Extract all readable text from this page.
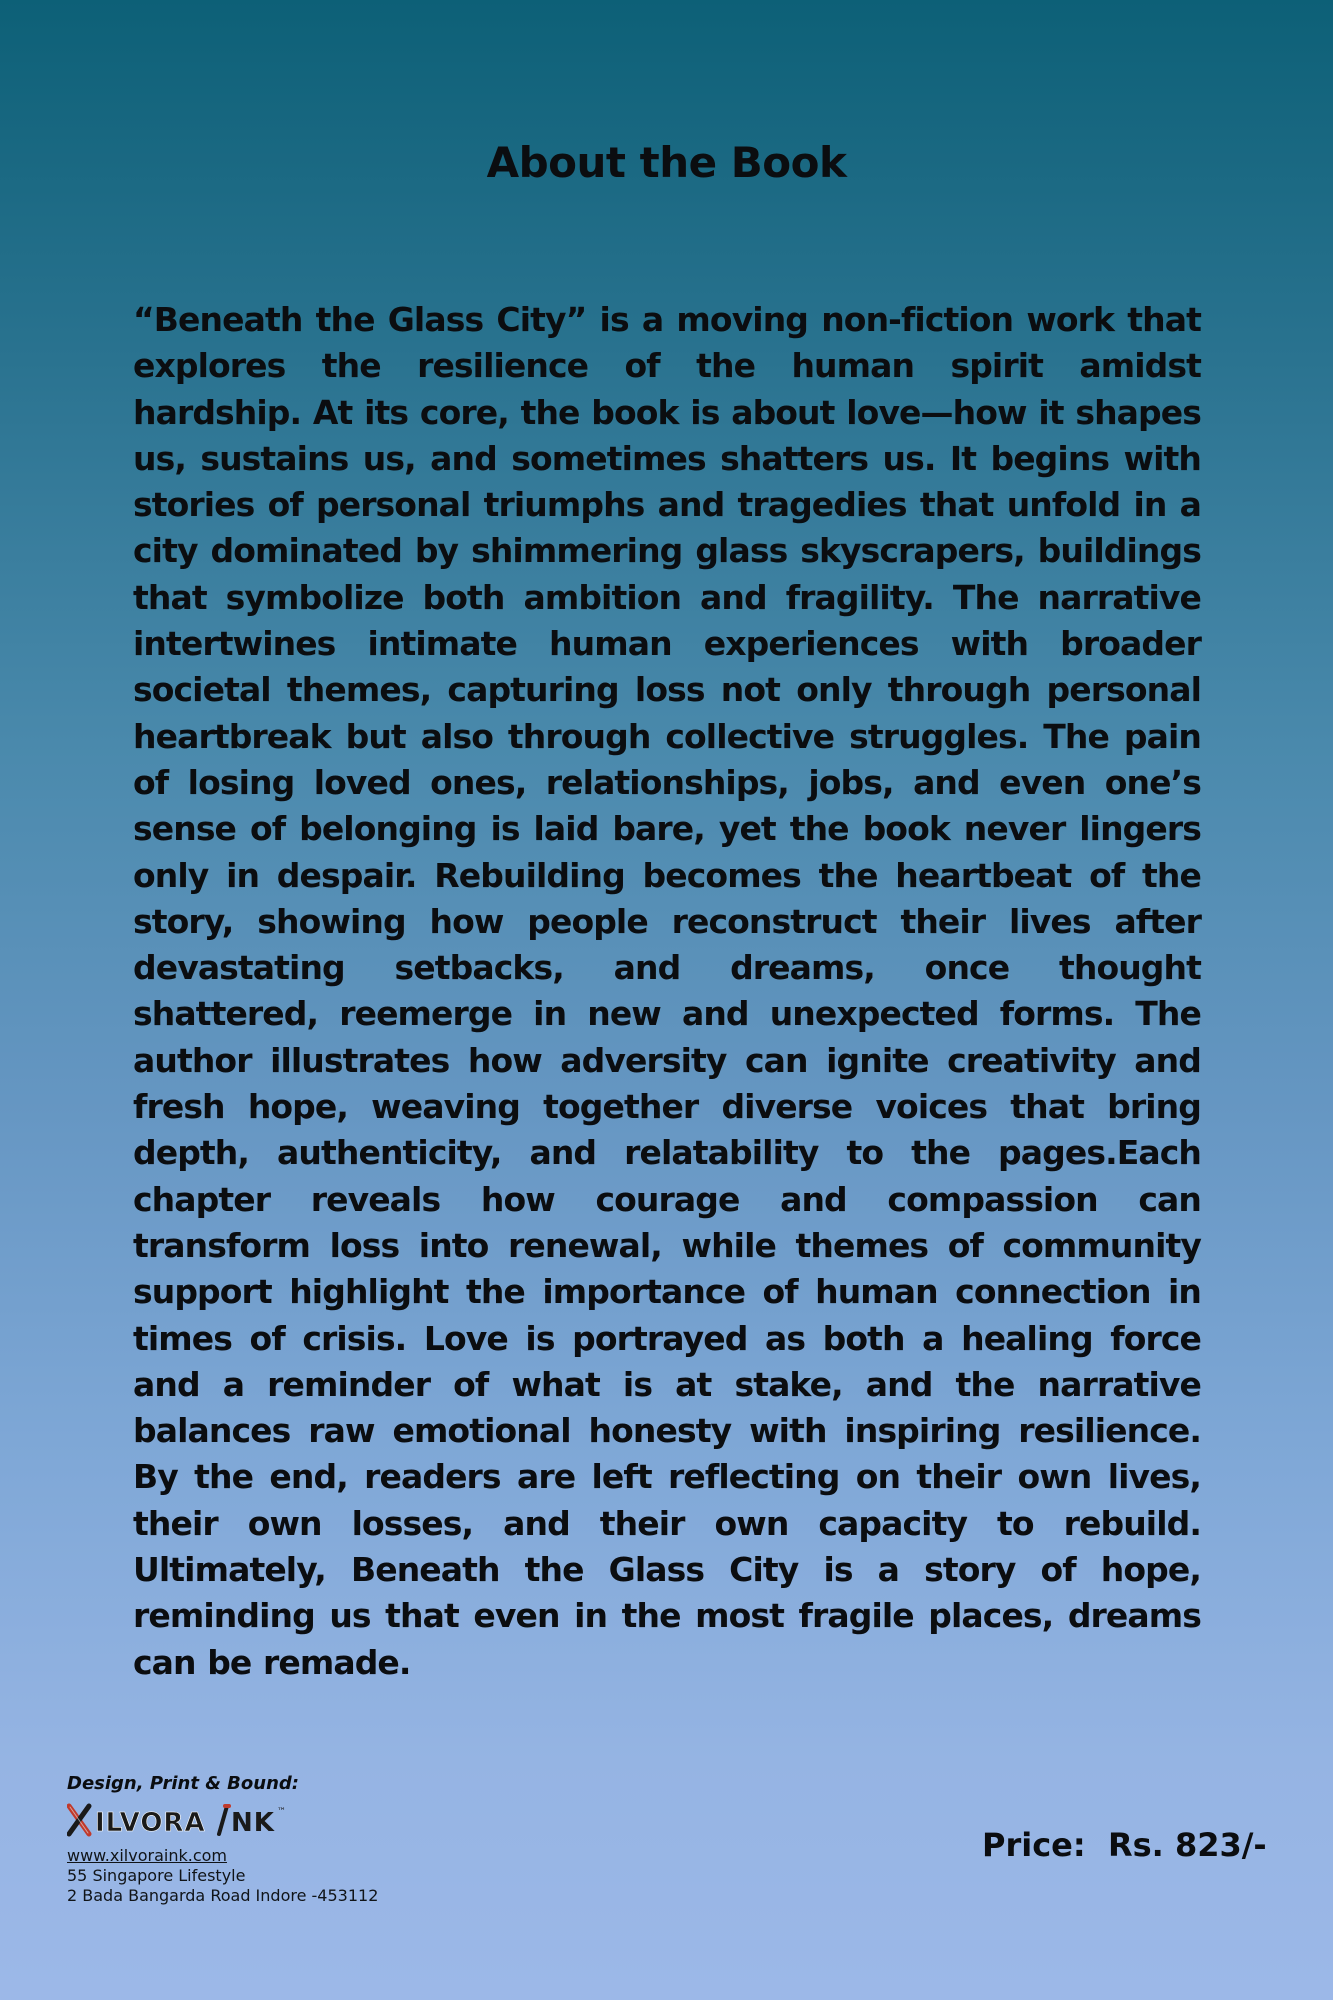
About the Book

“Beneath the Glass City” is a moving non-fiction work that explores the resilience of the human spirit amidst hardship. At its core, the book is about love—how it shapes us, sustains us, and sometimes shatters us. It begins with stories of personal triumphs and tragedies that unfold in a city dominated by shimmering glass skyscrapers, buildings that symbolize both ambition and fragility. The narrative intertwines intimate human experiences with broader societal themes, capturing loss not only through personal heartbreak but also through collective struggles. The pain of losing loved ones, relationships, jobs, and even one’s sense of belonging is laid bare, yet the book never lingers only in despair. Rebuilding becomes the heartbeat of the story, showing how people reconstruct their lives after devastating setbacks, and dreams, once thought shattered, reemerge in new and unexpected forms. The author illustrates how adversity can ignite creativity and fresh hope, weaving together diverse voices that bring depth, authenticity, and relatability to the pages.Each chapter reveals how courage and compassion can transform loss into renewal, while themes of community support highlight the importance of human connection in times of crisis. Love is portrayed as both a healing force and a reminder of what is at stake, and the narrative balances raw emotional honesty with inspiring resilience. By the end, readers are left reflecting on their own lives, their own losses, and their own capacity to rebuild. Ultimately, Beneath the Glass City is a story of hope, reminding us that even in the most fragile places, dreams can be remade.

Design, Print & Bound:

ILVORA NK ™
www.xilvoraink.com
55 Singapore Lifestyle
2 Bada Bangarda Road Indore -453112

Price:  Rs. 823/-
